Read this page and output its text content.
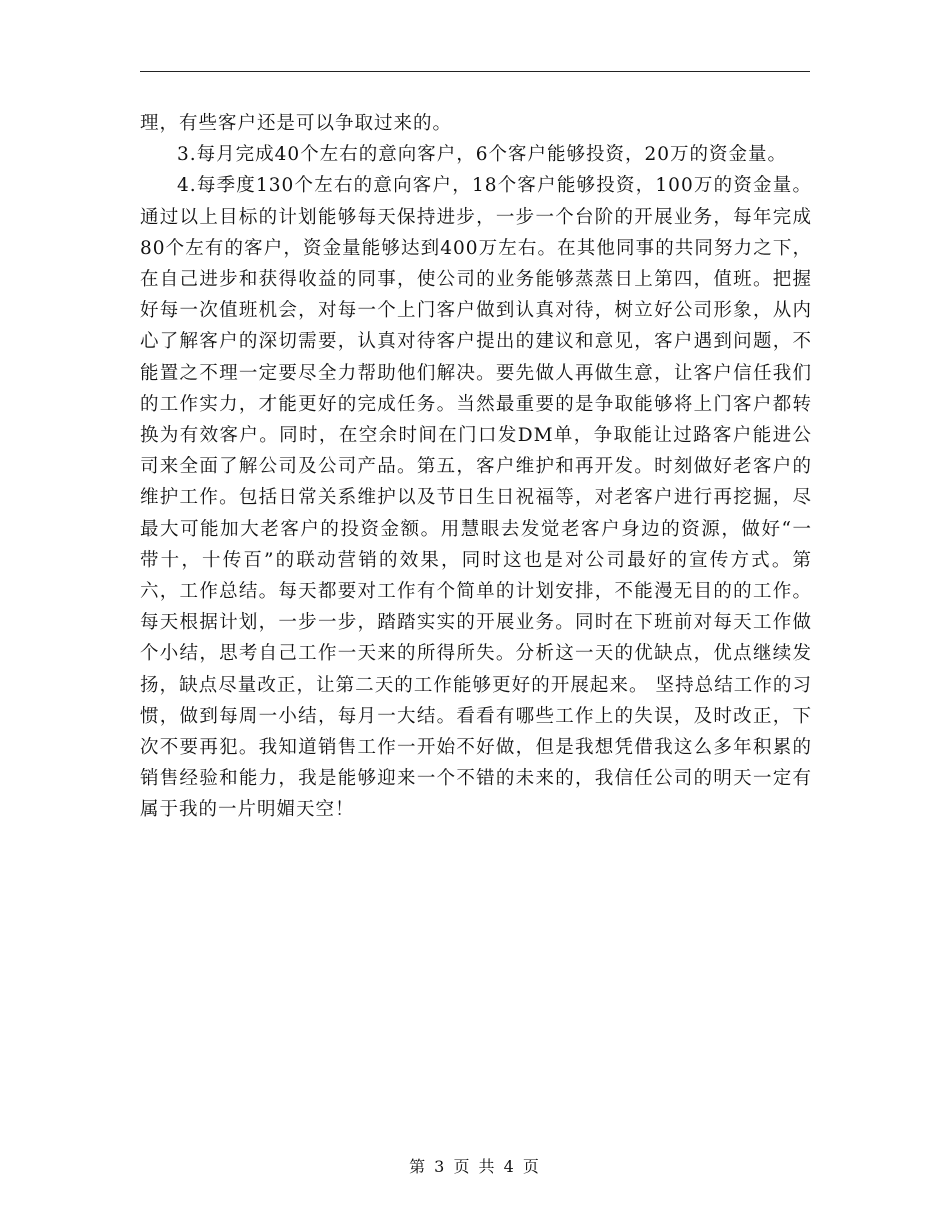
理，有些客户还是可以争取过来的。

3.每月完成40个左右的意向客户，6个客户能够投资，20万的资金量。

4.每季度130个左右的意向客户，18个客户能够投资，100万的资金量。通过以上目标的计划能够每天保持进步，一步一个台阶的开展业务，每年完成80个左有的客户，资金量能够达到400万左右。在其他同事的共同努力之下，在自己进步和获得收益的同事，使公司的业务能够蒸蒸日上第四，值班。把握好每一次值班机会，对每一个上门客户做到认真对待，树立好公司形象，从内心了解客户的深切需要，认真对待客户提出的建议和意见，客户遇到问题，不能置之不理一定要尽全力帮助他们解决。要先做人再做生意，让客户信任我们的工作实力，才能更好的完成任务。当然最重要的是争取能够将上门客户都转换为有效客户。同时，在空余时间在门口发DM单，争取能让过路客户能进公司来全面了解公司及公司产品。第五，客户维护和再开发。时刻做好老客户的维护工作。包括日常关系维护以及节日生日祝福等，对老客户进行再挖掘，尽最大可能加大老客户的投资金额。用慧眼去发觉老客户身边的资源，做好“一带十，十传百”的联动营销的效果，同时这也是对公司最好的宣传方式。第六，工作总结。每天都要对工作有个简单的计划安排，不能漫无目的的工作。每天根据计划，一步一步，踏踏实实的开展业务。同时在下班前对每天工作做个小结，思考自己工作一天来的所得所失。分析这一天的优缺点，优点继续发扬，缺点尽量改正，让第二天的工作能够更好的开展起来。 坚持总结工作的习惯，做到每周一小结，每月一大结。看看有哪些工作上的失误，及时改正，下次不要再犯。我知道销售工作一开始不好做，但是我想凭借我这么多年积累的销售经验和能力，我是能够迎来一个不错的未来的，我信任公司的明天一定有属于我的一片明媚天空！

第 3 页 共 4 页
